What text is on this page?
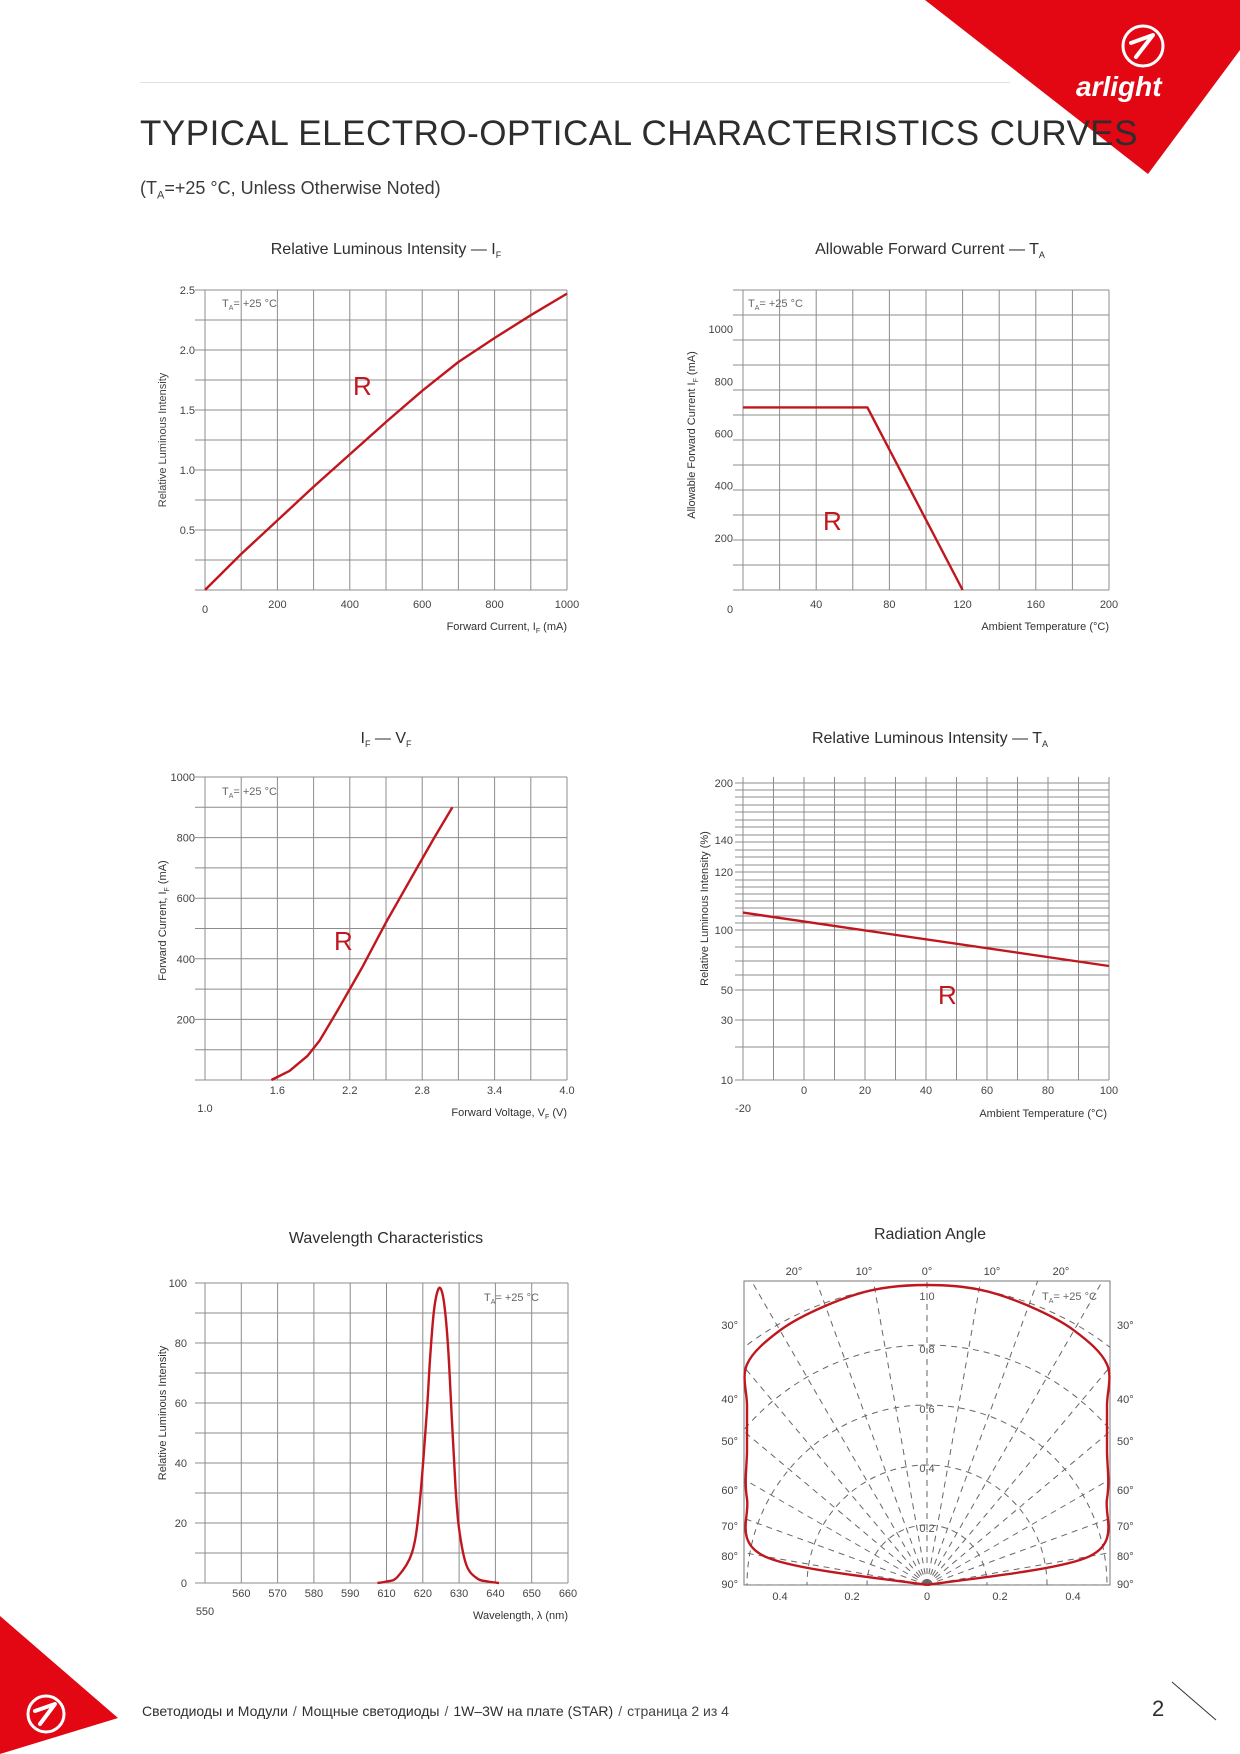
arlight
TYPICAL ELECTRO-OPTICAL CHARACTERISTICS CURVES
($T_A=+25$ °C, Unless Otherwise Noted)
Relative Luminous Intensity — $I_F$	Allowable Forward Current — $T_A$
$I_F$ — $V_F$	Relative Luminous Intensity — $T_A$
Wavelength Characteristics	Radiation Angle
0	200	400	600	800	1000
0.5
1.0
1.5
2.0
2.5
Forward Current, $I_F$ (mA)
Relative Luminous Intensity
$T_A= +25$ °C
R
0	40	80	120	160	200
200
400
600
800
1000
Ambient Temperature (°C)
Allowable Forward Current $I_F$ (mA)
$T_A= +25$ °C
R
1.0
1.6	2.2	2.8	3.4	4.0
200
400
600
800
1000
Forward Voltage, $V_F$ (V)
Forward Current, $I_F$ (mA)
$T_A= +25$ °C
R
-20
0	20	40	60	80	100
10
30
50
100
120
140
200
Ambient Temperature (°C)
Relative Luminous Intensity (%)
R
550
560 570 580 590 610 620 630 640 650 660
0
20
40
60
80
100
Wavelength, λ (nm)
Relative Luminous Intensity
$T_A= +25$ °C
20°	10°	0°	10°	20°
30°	30°
40°	40°
50°	50°
60°	60°
70°	70°
80°	80°
90°	90°
1.0
0.8
0.6
0.4
0.2
0.4	0.2	0	0.2	0.4
$T_A= +25$ °C
Светодиоды и Модули / Мощные светодиоды / 1W–3W на плате (STAR) / страница 2 из 4	2
